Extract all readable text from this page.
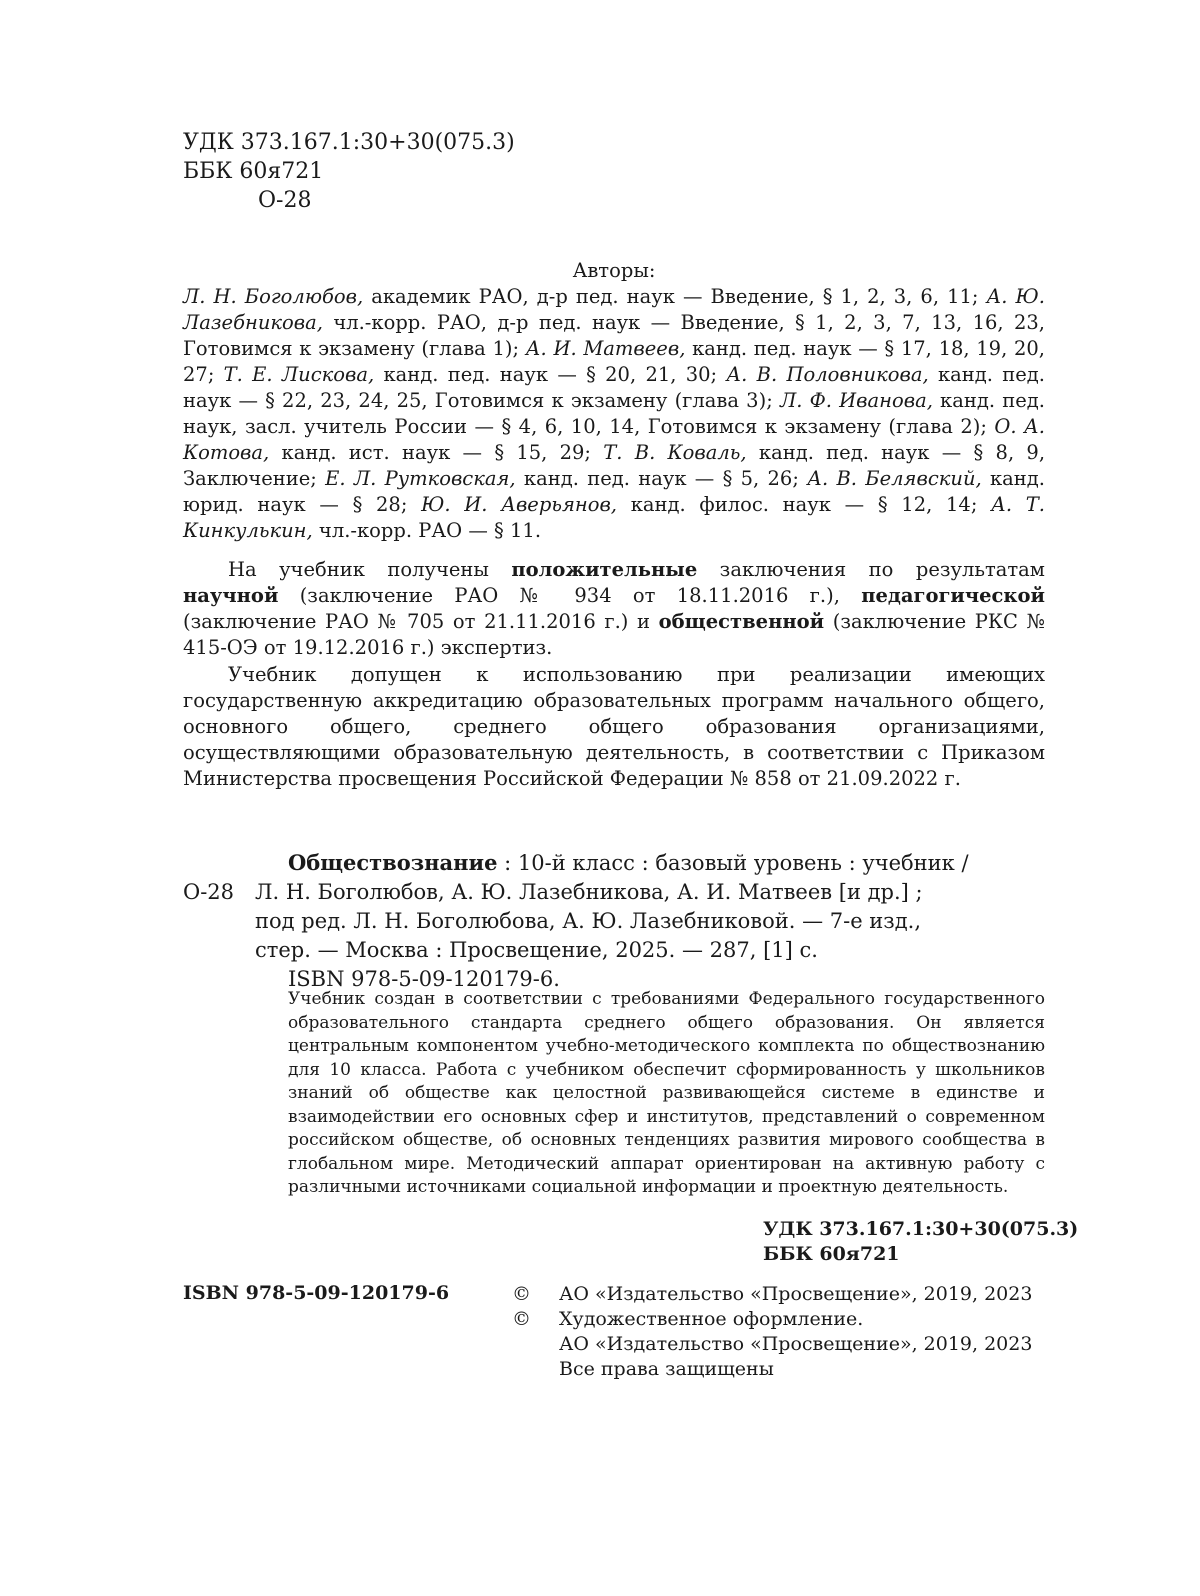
УДК 373.167.1:30+30(075.3)
ББК 60я721
О-28
Авторы:
Л. Н. Боголюбов, академик РАО, д-р пед. наук — Введение, § 1, 2, 3, 6, 11; А. Ю. Лазебникова, чл.-корр. РАО, д-р пед. наук — Введение, § 1, 2, 3, 7, 13, 16, 23, Готовимся к экзамену (глава 1); А. И. Матвеев, канд. пед. наук — § 17, 18, 19, 20, 27; Т. Е. Лискова, канд. пед. наук — § 20, 21, 30; А. В. Половникова, канд. пед. наук — § 22, 23, 24, 25, Готовимся к экзамену (глава 3); Л. Ф. Иванова, канд. пед. наук, засл. учитель России — § 4, 6, 10, 14, Готовимся к экзамену (глава 2); О. А. Котова, канд. ист. наук — § 15, 29; Т. В. Коваль, канд. пед. наук — § 8, 9, Заключение; Е. Л. Рутковская, канд. пед. наук — § 5, 26; А. В. Белявский, канд. юрид. наук — § 28; Ю. И. Аверьянов, канд. филос. наук — § 12, 14; А. Т. Кинкулькин, чл.-корр. РАО — § 11.
На учебник получены положительные заключения по результатам научной (заключение РАО № 934 от 18.11.2016 г.), педагогической (заключение РАО № 705 от 21.11.2016 г.) и общественной (заключение РКС № 415-ОЭ от 19.12.2016 г.) экспертиз.
Учебник допущен к использованию при реализации имеющих государственную аккредитацию образовательных программ начального общего, основного общего, среднего общего образования организациями, осуществляющими образовательную деятельность, в соответствии с Приказом Министерства просвещения Российской Федерации № 858 от 21.09.2022 г.
Обществознание : 10-й класс : базовый уровень : учебник /
О-28 Л. Н. Боголюбов, А. Ю. Лазебникова, А. И. Матвеев [и др.] ;
под ред. Л. Н. Боголюбова, А. Ю. Лазебниковой. — 7-е изд.,
стер. — Москва : Просвещение, 2025. — 287, [1] с.
ISBN 978-5-09-120179-6.
Учебник создан в соответствии с требованиями Федерального государственного образовательного стандарта среднего общего образования. Он является центральным компонентом учебно-методического комплекта по обществознанию для 10 класса. Работа с учебником обеспечит сформированность у школьников знаний об обществе как целостной развивающейся системе в единстве и взаимодействии его основных сфер и институтов, представлений о современном российском обществе, об основных тенденциях развития мирового сообщества в глобальном мире. Методический аппарат ориентирован на активную работу с различными источниками социальной информации и проектную деятельность.
УДК 373.167.1:30+30(075.3)
ББК 60я721
ISBN 978-5-09-120179-6	© АО «Издательство «Просвещение», 2019, 2023
© Художественное оформление.
АО «Издательство «Просвещение», 2019, 2023
Все права защищены
